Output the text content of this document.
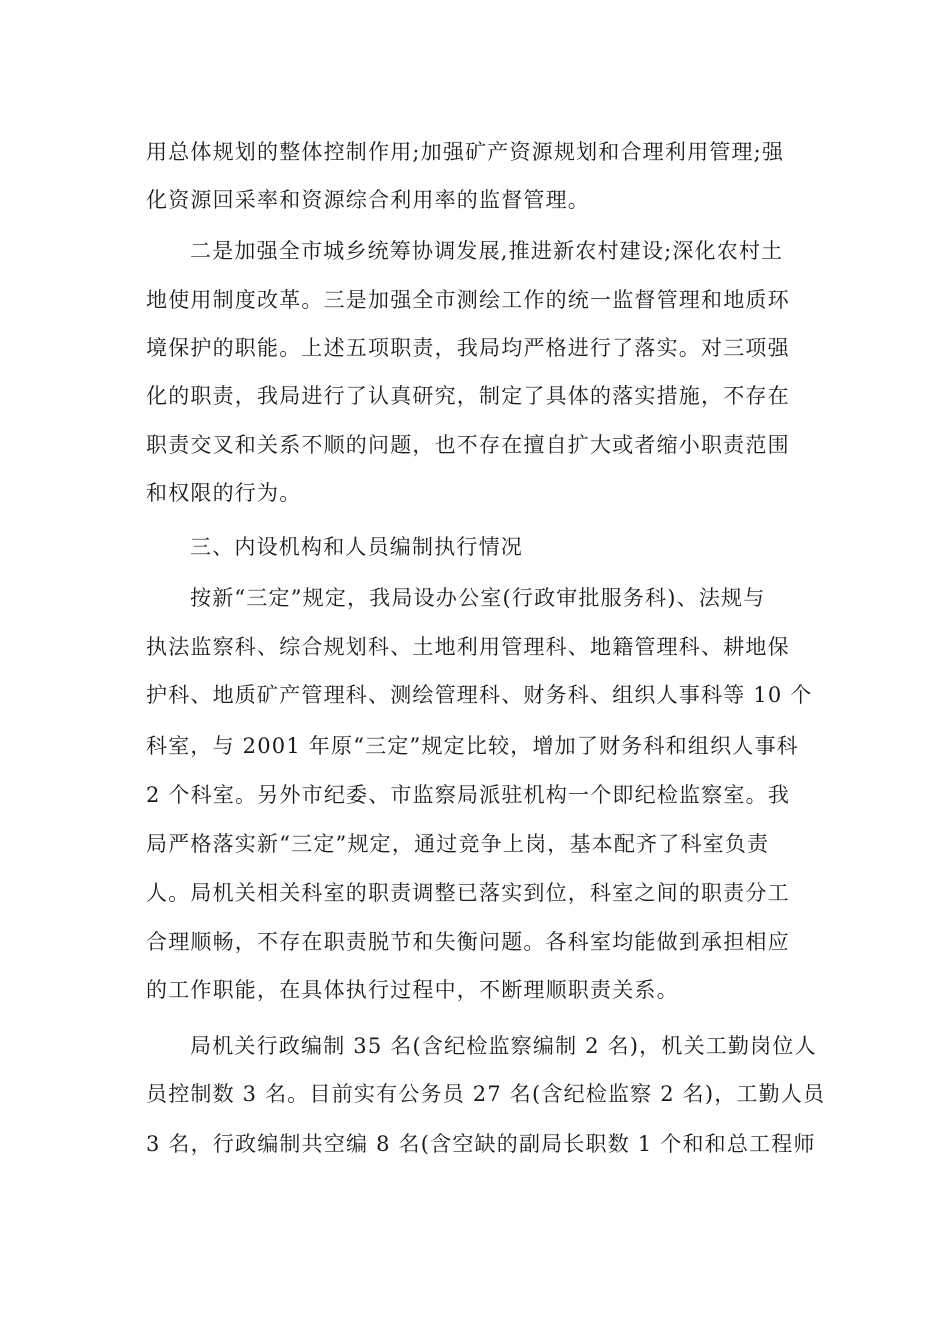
用总体规划的整体控制作用;加强矿产资源规划和合理利用管理;强
化资源回采率和资源综合利用率的监督管理。
二是加强全市城乡统筹协调发展,推进新农村建设;深化农村土
地使用制度改革。三是加强全市测绘工作的统一监督管理和地质环
境保护的职能。上述五项职责，我局均严格进行了落实。对三项强
化的职责，我局进行了认真研究，制定了具体的落实措施，不存在
职责交叉和关系不顺的问题，也不存在擅自扩大或者缩小职责范围
和权限的行为。
三、内设机构和人员编制执行情况
按新“三定”规定，我局设办公室(行政审批服务科)、法规与
执法监察科、综合规划科、土地利用管理科、地籍管理科、耕地保
护科、地质矿产管理科、测绘管理科、财务科、组织人事科等 10 个
科室，与 2001 年原“三定”规定比较，增加了财务科和组织人事科
2 个科室。另外市纪委、市监察局派驻机构一个即纪检监察室。我
局严格落实新“三定”规定，通过竞争上岗，基本配齐了科室负责
人。局机关相关科室的职责调整已落实到位，科室之间的职责分工
合理顺畅，不存在职责脱节和失衡问题。各科室均能做到承担相应
的工作职能，在具体执行过程中，不断理顺职责关系。
局机关行政编制 35 名(含纪检监察编制 2 名)，机关工勤岗位人
员控制数 3 名。目前实有公务员 27 名(含纪检监察 2 名)，工勤人员
3 名，行政编制共空编 8 名(含空缺的副局长职数 1 个和和总工程师
